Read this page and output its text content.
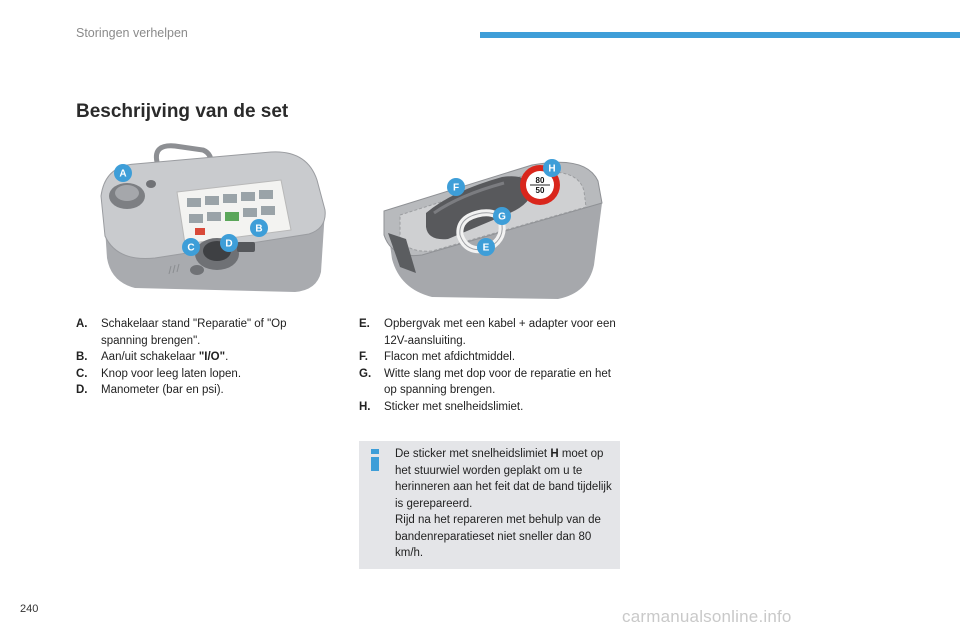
Storingen verhelpen
Beschrijving van de set
A
B
C	D
80
50
F
H
G
E
A. Schakelaar stand "Reparatie" of "Op spanning brengen".
B. Aan/uit schakelaar "I/O".
C. Knop voor leeg laten lopen.
D. Manometer (bar en psi).
E. Opbergvak met een kabel + adapter voor een 12V-aansluiting.
F. Flacon met afdichtmiddel.
G. Witte slang met dop voor de reparatie en het op spanning brengen.
H. Sticker met snelheidslimiet.
De sticker met snelheidslimiet H moet op het stuurwiel worden geplakt om u te herinneren aan het feit dat de band tijdelijk is gerepareerd.
Rijd na het repareren met behulp van de bandenreparatieset niet sneller dan 80 km/h.
240	carmanualsonline.info
